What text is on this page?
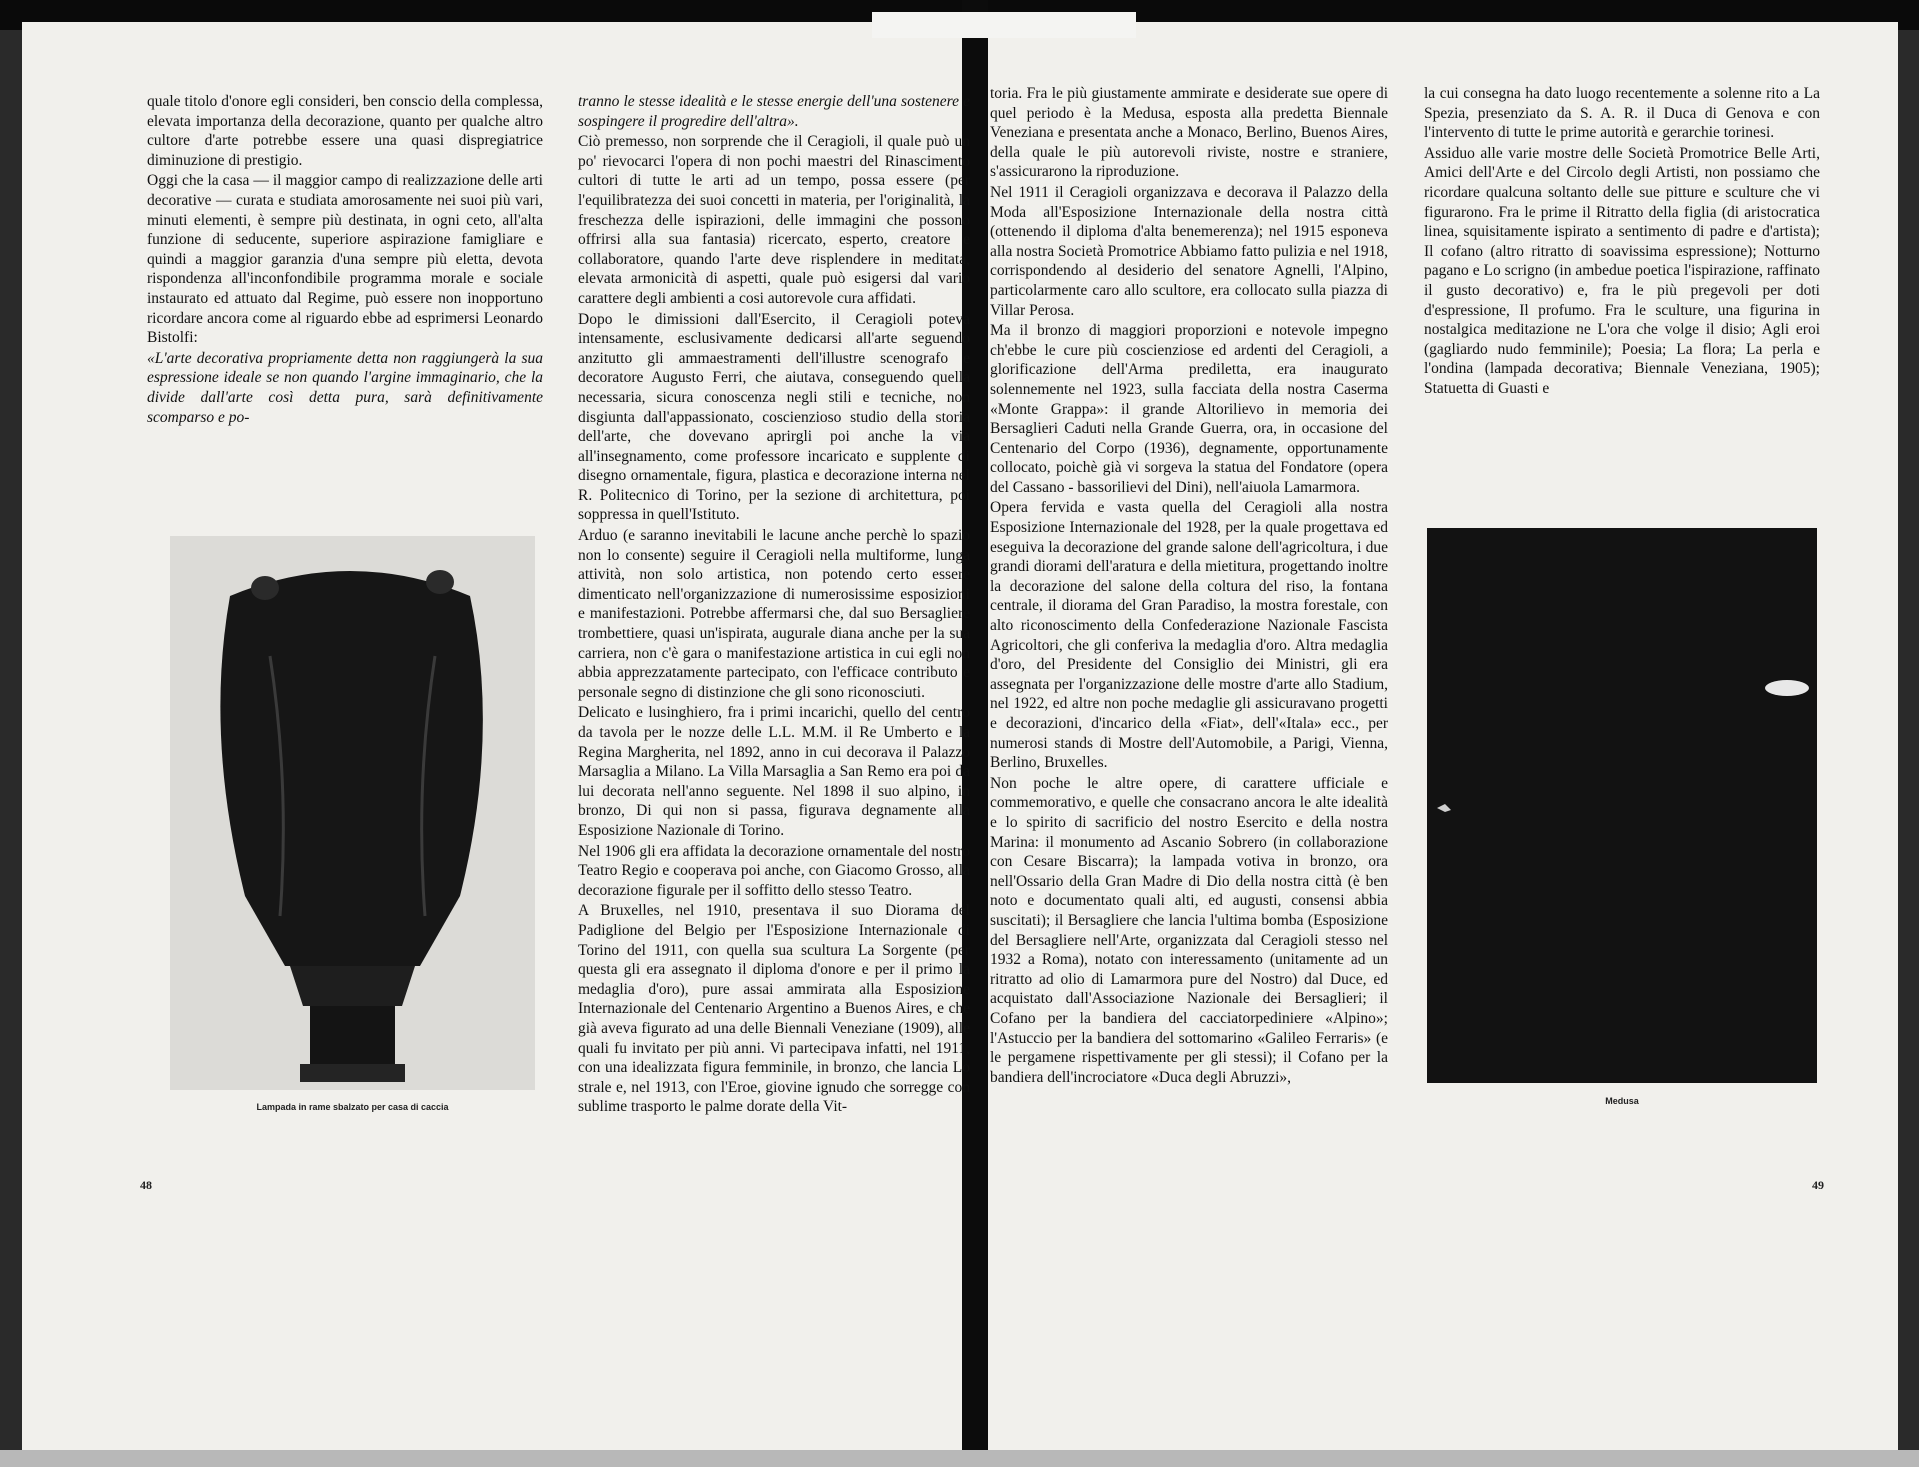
quale titolo d'onore egli consideri, ben conscio della complessa, elevata importanza della decorazione, quanto per qualche altro cultore d'arte potrebbe essere una quasi dispregiatrice diminuzione di prestigio.

Oggi che la casa — il maggior campo di realizzazione delle arti decorative — curata e studiata amorosamente nei suoi più vari, minuti elementi, è sempre più destinata, in ogni ceto, all'alta funzione di seducente, superiore aspirazione famigliare e quindi a maggior garanzia d'una sempre più eletta, devota rispondenza all'inconfondibile programma morale e sociale instaurato ed attuato dal Regime, può essere non inopportuno ricordare ancora come al riguardo ebbe ad esprimersi Leonardo Bistolfi:

«L'arte decorativa propriamente detta non raggiungerà la sua espressione ideale se non quando l'argine immaginario, che la divide dall'arte così detta pura, sarà definitivamente scomparso e po-

Lampada in rame sbalzato per casa di caccia
48

tranno le stesse idealità e le stesse energie dell'una sostenere e sospingere il progredire dell'altra».

Ciò premesso, non sorprende che il Ceragioli, il quale può un po' rievocarci l'opera di non pochi maestri del Rinascimento cultori di tutte le arti ad un tempo, possa essere (per l'equilibratezza dei suoi concetti in materia, per l'originalità, la freschezza delle ispirazioni, delle immagini che possono offrirsi alla sua fantasia) ricercato, esperto, creatore e collaboratore, quando l'arte deve risplendere in meditata, elevata armonicità di aspetti, quale può esigersi dal vario carattere degli ambienti a cosi autorevole cura affidati.

Dopo le dimissioni dall'Esercito, il Ceragioli poteva intensamente, esclusivamente dedicarsi all'arte seguendo anzitutto gli ammaestramenti dell'illustre scenografo e decoratore Augusto Ferri, che aiutava, conseguendo quella necessaria, sicura conoscenza negli stili e tecniche, non disgiunta dall'appassionato, coscienzioso studio della storia dell'arte, che dovevano aprirgli poi anche la via all'insegnamento, come professore incaricato e supplente di disegno ornamentale, figura, plastica e decorazione interna nel R. Politecnico di Torino, per la sezione di architettura, poi soppressa in quell'Istituto.

Arduo (e saranno inevitabili le lacune anche perchè lo spazio non lo consente) seguire il Ceragioli nella multiforme, lunga attività, non solo artistica, non potendo certo essere dimenticato nell'organizzazione di numerosissime esposizioni e manifestazioni. Potrebbe affermarsi che, dal suo Bersagliere trombettiere, quasi un'ispirata, augurale diana anche per la sua carriera, non c'è gara o manifestazione artistica in cui egli non abbia apprezzatamente partecipato, con l'efficace contributo e personale segno di distinzione che gli sono riconosciuti.

Delicato e lusinghiero, fra i primi incarichi, quello del centro da tavola per le nozze delle L.L. M.M. il Re Umberto e la Regina Margherita, nel 1892, anno in cui decorava il Palazzo Marsaglia a Milano. La Villa Marsaglia a San Remo era poi da lui decorata nell'anno seguente. Nel 1898 il suo alpino, in bronzo, Di qui non si passa, figurava degnamente alla Esposizione Nazionale di Torino.

Nel 1906 gli era affidata la decorazione ornamentale del nostro Teatro Regio e cooperava poi anche, con Giacomo Grosso, alla decorazione figurale per il soffitto dello stesso Teatro.

A Bruxelles, nel 1910, presentava il suo Diorama del Padiglione del Belgio per l'Esposizione Internazionale di Torino del 1911, con quella sua scultura La Sorgente (per questa gli era assegnato il diploma d'onore e per il primo la medaglia d'oro), pure assai ammirata alla Esposizione Internazionale del Centenario Argentino a Buenos Aires, e che già aveva figurato ad una delle Biennali Veneziane (1909), alle quali fu invitato per più anni. Vi partecipava infatti, nel 1911, con una idealizzata figura femminile, in bronzo, che lancia Lo strale e, nel 1913, con l'Eroe, giovine ignudo che sorregge con sublime trasporto le palme dorate della Vit-

toria. Fra le più giustamente ammirate e desiderate sue opere di quel periodo è la Medusa, esposta alla predetta Biennale Veneziana e presentata anche a Monaco, Berlino, Buenos Aires, della quale le più autorevoli riviste, nostre e straniere, s'assicurarono la riproduzione.

Nel 1911 il Ceragioli organizzava e decorava il Palazzo della Moda all'Esposizione Internazionale della nostra città (ottenendo il diploma d'alta benemerenza); nel 1915 esponeva alla nostra Società Promotrice Abbiamo fatto pulizia e nel 1918, corrispondendo al desiderio del senatore Agnelli, l'Alpino, particolarmente caro allo scultore, era collocato sulla piazza di Villar Perosa.

Ma il bronzo di maggiori proporzioni e notevole impegno ch'ebbe le cure più coscienziose ed ardenti del Ceragioli, a glorificazione dell'Arma prediletta, era inaugurato solennemente nel 1923, sulla facciata della nostra Caserma «Monte Grappa»: il grande Altorilievo in memoria dei Bersaglieri Caduti nella Grande Guerra, ora, in occasione del Centenario del Corpo (1936), degnamente, opportunamente collocato, poichè già vi sorgeva la statua del Fondatore (opera del Cassano - bassorilievi del Dini), nell'aiuola Lamarmora.

Opera fervida e vasta quella del Ceragioli alla nostra Esposizione Internazionale del 1928, per la quale progettava ed eseguiva la decorazione del grande salone dell'agricoltura, i due grandi diorami dell'aratura e della mietitura, progettando inoltre la decorazione del salone della coltura del riso, la fontana centrale, il diorama del Gran Paradiso, la mostra forestale, con alto riconoscimento della Confederazione Nazionale Fascista Agricoltori, che gli conferiva la medaglia d'oro. Altra medaglia d'oro, del Presidente del Consiglio dei Ministri, gli era assegnata per l'organizzazione delle mostre d'arte allo Stadium, nel 1922, ed altre non poche medaglie gli assicuravano progetti e decorazioni, d'incarico della «Fiat», dell'«Itala» ecc., per numerosi stands di Mostre dell'Automobile, a Parigi, Vienna, Berlino, Bruxelles.

Non poche le altre opere, di carattere ufficiale e commemorativo, e quelle che consacrano ancora le alte idealità e lo spirito di sacrificio del nostro Esercito e della nostra Marina: il monumento ad Ascanio Sobrero (in collaborazione con Cesare Biscarra); la lampada votiva in bronzo, ora nell'Ossario della Gran Madre di Dio della nostra città (è ben noto e documentato quali alti, ed augusti, consensi abbia suscitati); il Bersagliere che lancia l'ultima bomba (Esposizione del Bersagliere nell'Arte, organizzata dal Ceragioli stesso nel 1932 a Roma), notato con interessamento (unitamente ad un ritratto ad olio di Lamarmora pure del Nostro) dal Duce, ed acquistato dall'Associazione Nazionale dei Bersaglieri; il Cofano per la bandiera del cacciatorpediniere «Alpino»; l'Astuccio per la bandiera del sottomarino «Galileo Ferraris» (e le pergamene rispettivamente per gli stessi); il Cofano per la bandiera dell'incrociatore «Duca degli Abruzzi»,

la cui consegna ha dato luogo recentemente a solenne rito a La Spezia, presenziato da S. A. R. il Duca di Genova e con l'intervento di tutte le prime autorità e gerarchie torinesi.

Assiduo alle varie mostre delle Società Promotrice Belle Arti, Amici dell'Arte e del Circolo degli Artisti, non possiamo che ricordare qualcuna soltanto delle sue pitture e sculture che vi figurarono. Fra le prime il Ritratto della figlia (di aristocratica linea, squisitamente ispirato a sentimento di padre e d'artista); Il cofano (altro ritratto di soavissima espressione); Notturno pagano e Lo scrigno (in ambedue poetica l'ispirazione, raffinato il gusto decorativo) e, fra le più pregevoli per doti d'espressione, Il profumo. Fra le sculture, una figurina in nostalgica meditazione ne L'ora che volge il disio; Agli eroi (gagliardo nudo femminile); Poesia; La flora; La perla e l'ondina (lampada decorativa; Biennale Veneziana, 1905); Statuetta di Guasti e

Medusa
49
